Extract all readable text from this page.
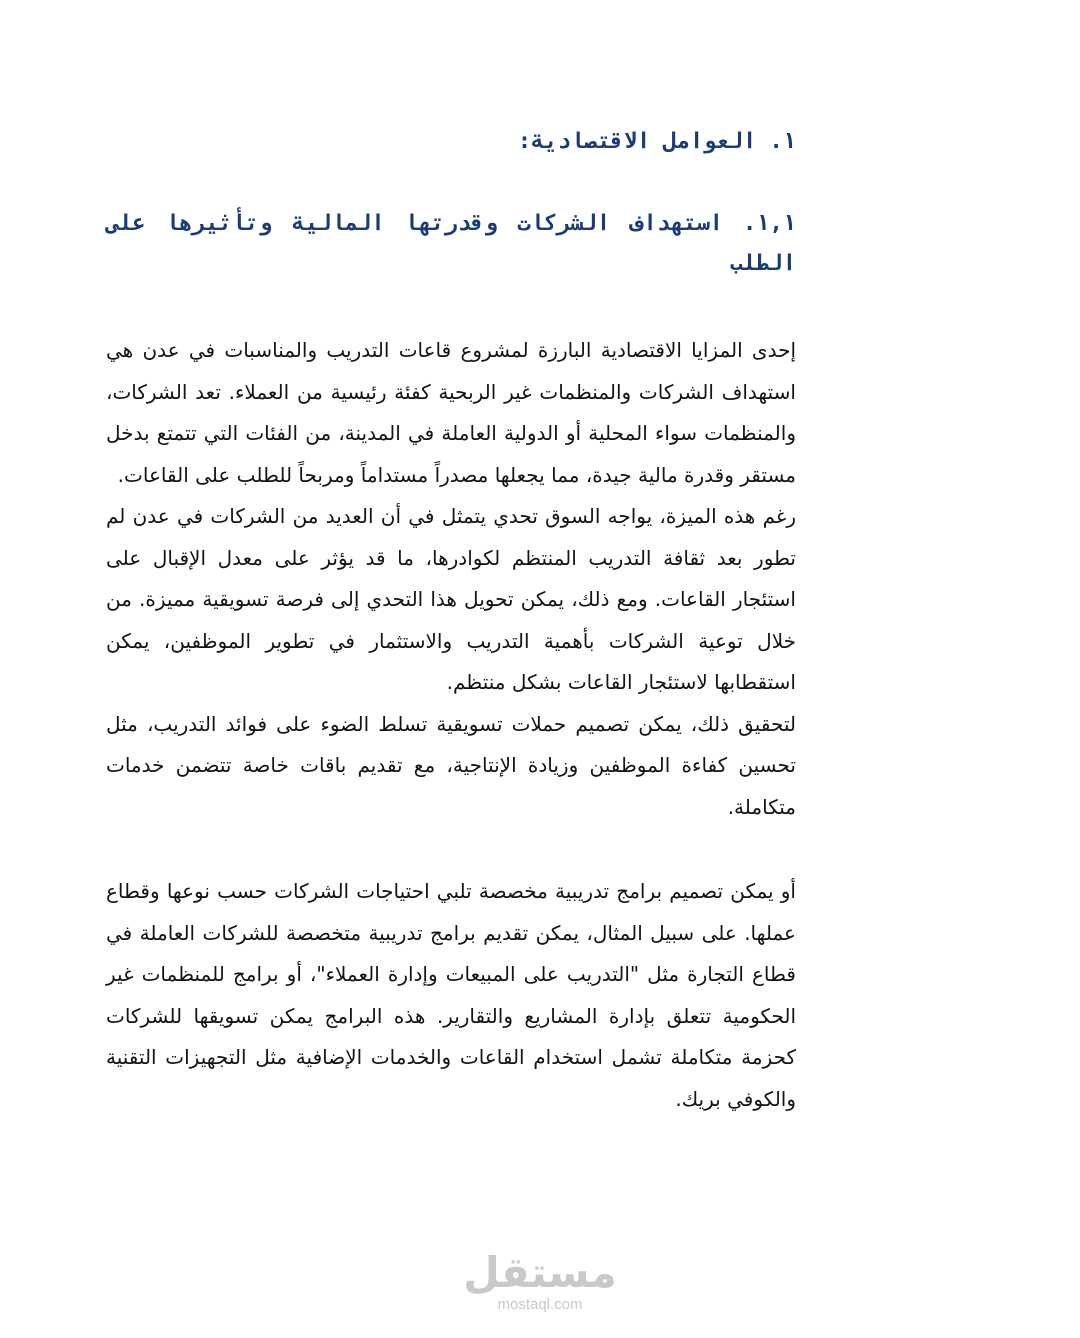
١. العوامل الاقتصادية:
١,١. استهداف الشركات وقدرتها المالية وتأثيرها على الطلب

إحدى المزايا الاقتصادية البارزة لمشروع قاعات التدريب والمناسبات في عدن هي استهداف الشركات والمنظمات غير الربحية كفئة رئيسية من العملاء. تعد الشركات، والمنظمات سواء المحلية أو الدولية العاملة في المدينة، من الفئات التي تتمتع بدخل مستقر وقدرة مالية جيدة، مما يجعلها مصدراً مستداماً ومربحاً للطلب على القاعات.

رغم هذه الميزة، يواجه السوق تحدي يتمثل في أن العديد من الشركات في عدن لم تطور بعد ثقافة التدريب المنتظم لكوادرها، ما قد يؤثر على معدل الإقبال على استئجار القاعات. ومع ذلك، يمكن تحويل هذا التحدي إلى فرصة تسويقية مميزة. من خلال توعية الشركات بأهمية التدريب والاستثمار في تطوير الموظفين، يمكن استقطابها لاستئجار القاعات بشكل منتظم.

لتحقيق ذلك، يمكن تصميم حملات تسويقية تسلط الضوء على فوائد التدريب، مثل تحسين كفاءة الموظفين وزيادة الإنتاجية، مع تقديم باقات خاصة تتضمن خدمات متكاملة.

أو يمكن تصميم برامج تدريبية مخصصة تلبي احتياجات الشركات حسب نوعها وقطاع عملها. على سبيل المثال، يمكن تقديم برامج تدريبية متخصصة للشركات العاملة في قطاع التجارة مثل "التدريب على المبيعات وإدارة العملاء"، أو برامج للمنظمات غير الحكومية تتعلق بإدارة المشاريع والتقارير. هذه البرامج يمكن تسويقها للشركات كحزمة متكاملة تشمل استخدام القاعات والخدمات الإضافية مثل التجهيزات التقنية والكوفي بريك.

مستقل
mostaql.com
